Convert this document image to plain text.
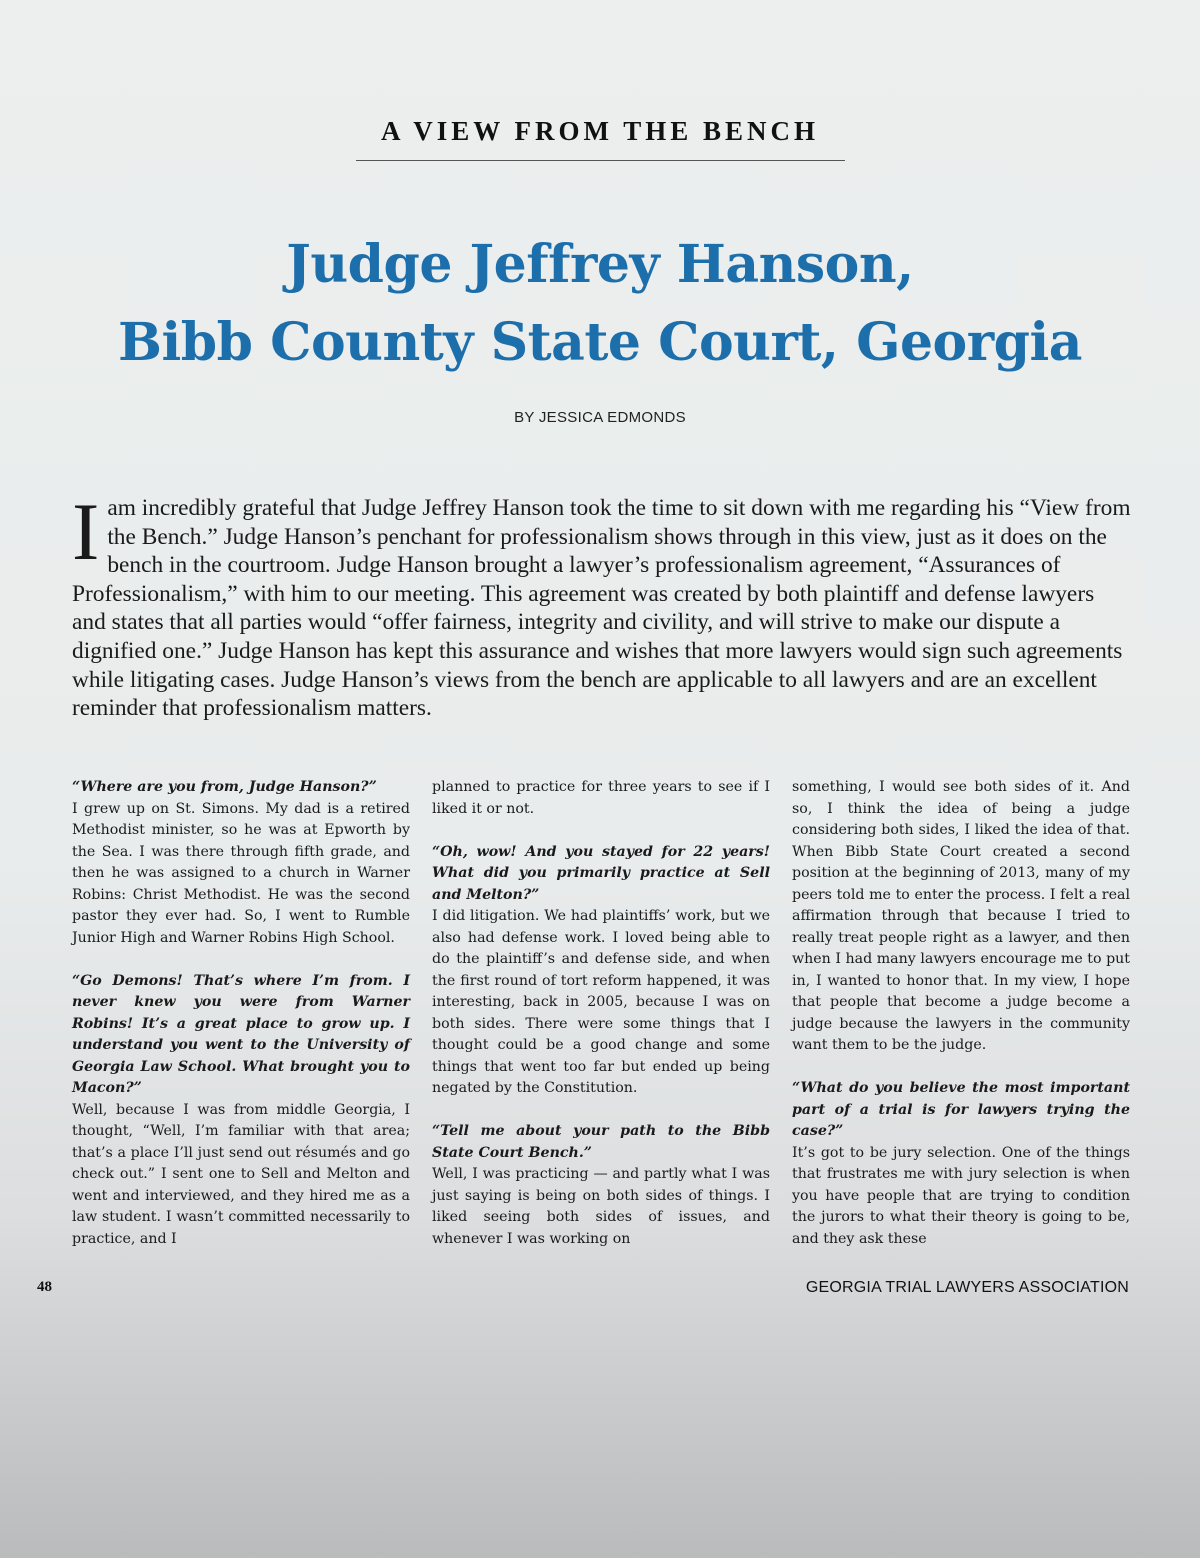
A VIEW FROM THE BENCH
Judge Jeffrey Hanson,
Bibb County State Court, Georgia
BY JESSICA EDMONDS

Iam incredibly grateful that Judge Jeffrey Hanson took the time to sit down with me regarding his “View from the Bench.” Judge Hanson’s penchant for professionalism shows through in this view, just as it does on the bench in the courtroom. Judge Hanson brought a lawyer’s professionalism agreement, “Assurances of Professionalism,” with him to our meeting. This agreement was created by both plaintiff and defense lawyers and states that all parties would “offer fairness, integrity and civility, and will strive to make our dispute a dignified one.” Judge Hanson has kept this assurance and wishes that more lawyers would sign such agreements while litigating cases. Judge Hanson’s views from the bench are applicable to all lawyers and are an excellent reminder that professionalism matters.

“Where are you from, Judge Hanson?”
I grew up on St. Simons. My dad is a retired Methodist minister, so he was at Epworth by the Sea. I was there through fifth grade, and then he was assigned to a church in Warner Robins: Christ Methodist. He was the second pastor they ever had. So, I went to Rumble Junior High and Warner Robins High School.

“Go Demons! That’s where I’m from. I never knew you were from Warner Robins! It’s a great place to grow up. I understand you went to the University of Georgia Law School. What brought you to Macon?”
Well, because I was from middle Georgia, I thought, “Well, I’m familiar with that area; that’s a place I’ll just send out résumés and go check out.” I sent one to Sell and Melton and went and interviewed, and they hired me as a law student. I wasn’t committed necessarily to practice, and I

planned to practice for three years to see if I liked it or not.

“Oh, wow! And you stayed for 22 years! What did you primarily practice at Sell and Melton?”
I did litigation. We had plaintiffs’ work, but we also had defense work. I loved being able to do the plaintiff’s and defense side, and when the first round of tort reform happened, it was interesting, back in 2005, because I was on both sides. There were some things that I thought could be a good change and some things that went too far but ended up being negated by the Constitution.

“Tell me about your path to the Bibb State Court Bench.”
Well, I was practicing — and partly what I was just saying is being on both sides of things. I liked seeing both sides of issues, and whenever I was working on

something, I would see both sides of it. And so, I think the idea of being a judge considering both sides, I liked the idea of that. When Bibb State Court created a second position at the beginning of 2013, many of my peers told me to enter the process. I felt a real affirmation through that because I tried to really treat people right as a lawyer, and then when I had many lawyers encourage me to put in, I wanted to honor that. In my view, I hope that people that become a judge become a judge because the lawyers in the community want them to be the judge.

“What do you believe the most important part of a trial is for lawyers trying the case?”
It’s got to be jury selection. One of the things that frustrates me with jury selection is when you have people that are trying to condition the jurors to what their theory is going to be, and they ask these

48	GEORGIA TRIAL LAWYERS ASSOCIATION
